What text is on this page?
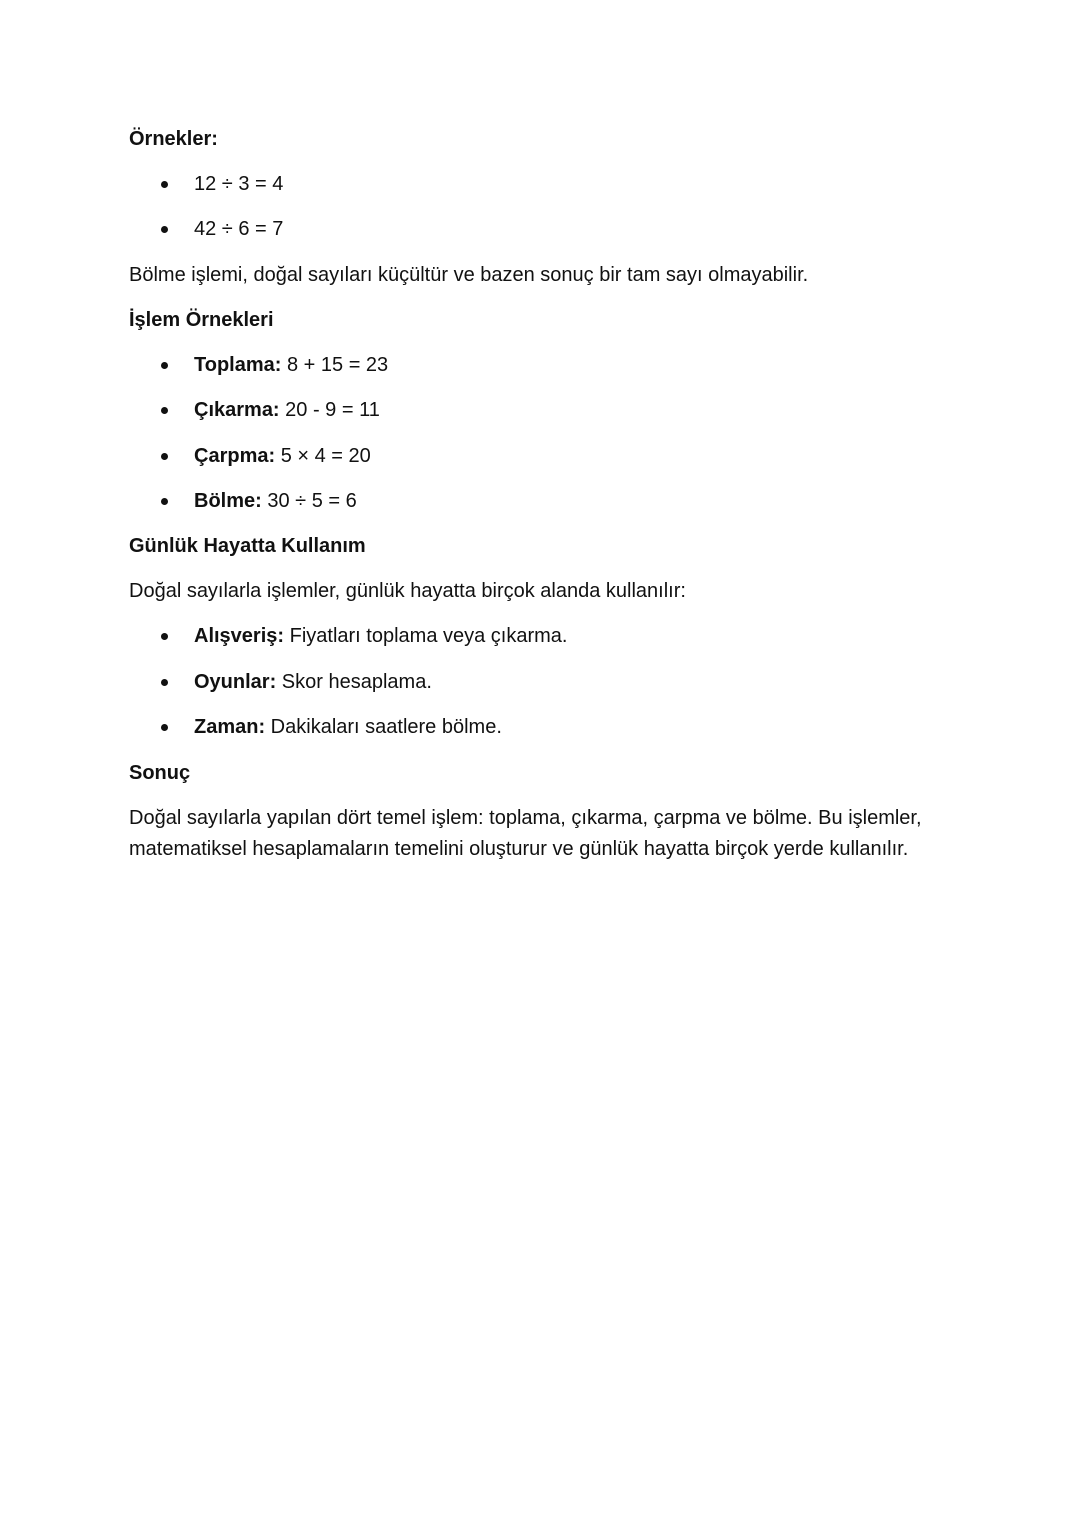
Örnekler:

12 ÷ 3 = 4
42 ÷ 6 = 7

Bölme işlemi, doğal sayıları küçültür ve bazen sonuç bir tam sayı olmayabilir.

İşlem Örnekleri

Toplama: 8 + 15 = 23
Çıkarma: 20 - 9 = 11
Çarpma: 5 × 4 = 20
Bölme: 30 ÷ 5 = 6

Günlük Hayatta Kullanım

Doğal sayılarla işlemler, günlük hayatta birçok alanda kullanılır:

Alışveriş: Fiyatları toplama veya çıkarma.
Oyunlar: Skor hesaplama.
Zaman: Dakikaları saatlere bölme.

Sonuç

Doğal sayılarla yapılan dört temel işlem: toplama, çıkarma, çarpma ve bölme. Bu işlemler, matematiksel hesaplamaların temelini oluşturur ve günlük hayatta birçok yerde kullanılır.
